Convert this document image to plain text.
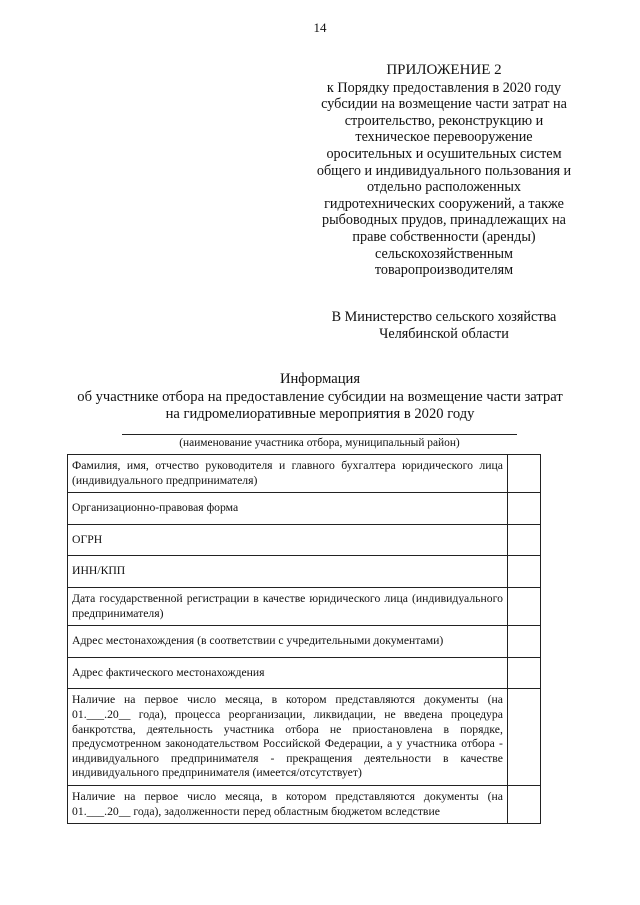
14
ПРИЛОЖЕНИЕ 2
к Порядку предоставления в 2020 году
субсидии на возмещение части затрат на
строительство, реконструкцию и
техническое перевооружение
оросительных и осушительных систем
общего и индивидуального пользования и
отдельно расположенных
гидротехнических сооружений, а также
рыбоводных прудов, принадлежащих на
праве собственности (аренды)
сельскохозяйственным
товаропроизводителям
В Министерство сельского хозяйства
Челябинской области
Информация
об участнике отбора на предоставление субсидии на возмещение части затрат
на гидромелиоративные мероприятия в 2020 году
(наименование участника отбора, муниципальный район)
Фамилия, имя, отчество руководителя и главного бухгалтера юридического лица (индивидуального предпринимателя)	
Организационно-правовая форма	
ОГРН	
ИНН/КПП	
Дата государственной регистрации в качестве юридического лица (индивидуального предпринимателя)	
Адрес местонахождения (в соответствии с учредительными документами)	
Адрес фактического местонахождения	
Наличие на первое число месяца, в котором представляются документы (на 01.___.20__ года), процесса реорганизации, ликвидации, не введена процедура банкротства, деятельность участника отбора не приостановлена в порядке, предусмотренном законодательством Российской Федерации, а у участника отбора - индивидуального предпринимателя - прекращения деятельности в качестве индивидуального предпринимателя (имеется/отсутствует)	
Наличие на первое число месяца, в котором представляются документы (на 01.___.20__ года), задолженности перед областным бюджетом вследствие	
